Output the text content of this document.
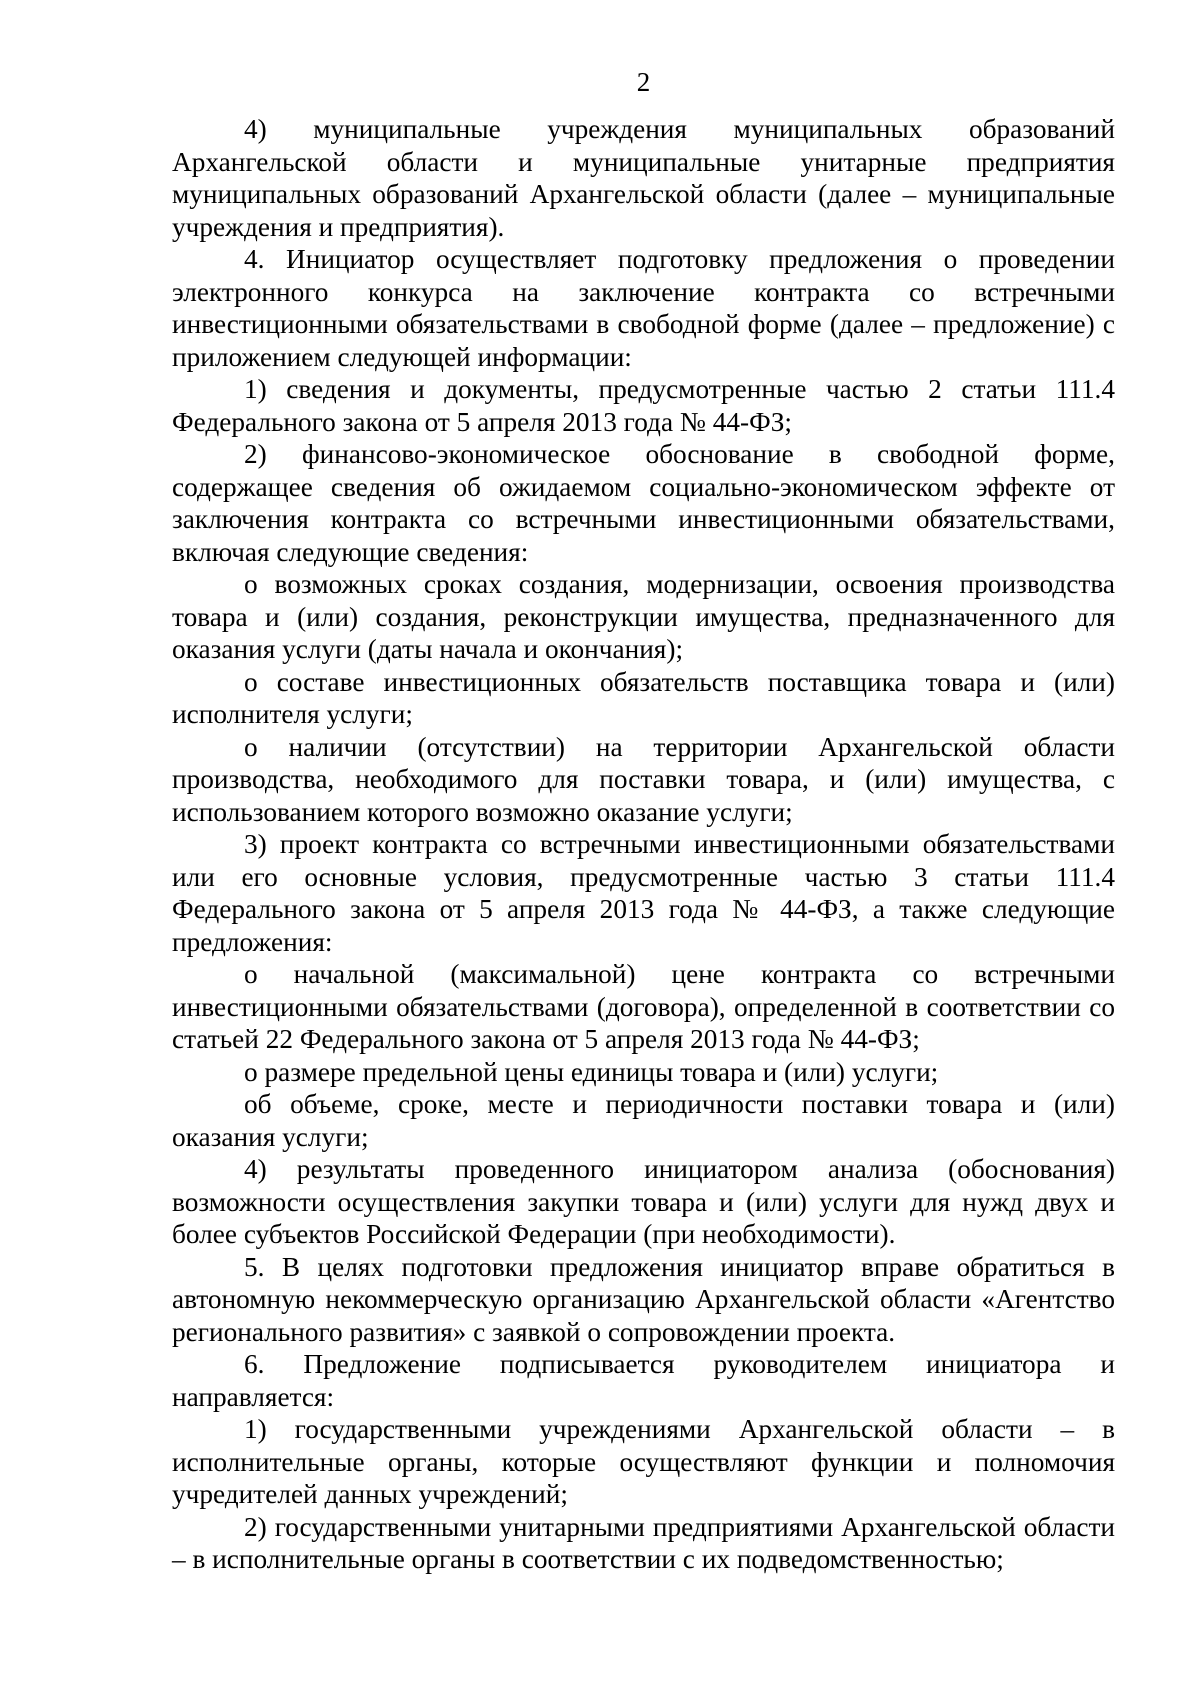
2

4) муниципальные учреждения муниципальных образований Архангельской области и муниципальные унитарные предприятия муниципальных образований Архангельской области (далее – муниципальные учреждения и предприятия).

4. Инициатор осуществляет подготовку предложения о проведении электронного конкурса на заключение контракта со встречными инвестиционными обязательствами в свободной форме (далее – предложение) с приложением следующей информации:

1) сведения и документы, предусмотренные частью 2 статьи 111.4 Федерального закона от 5 апреля 2013 года № 44-ФЗ;

2) финансово-экономическое обоснование в свободной форме, содержащее сведения об ожидаемом социально-экономическом эффекте от заключения контракта со встречными инвестиционными обязательствами, включая следующие сведения:

о возможных сроках создания, модернизации, освоения производства товара и (или) создания, реконструкции имущества, предназначенного для оказания услуги (даты начала и окончания);

о составе инвестиционных обязательств поставщика товара и (или) исполнителя услуги;

о наличии (отсутствии) на территории Архангельской области производства, необходимого для поставки товара, и (или) имущества, с использованием которого возможно оказание услуги;

3) проект контракта со встречными инвестиционными обязательствами или его основные условия, предусмотренные частью 3 статьи 111.4 Федерального закона от 5 апреля 2013 года № 44-ФЗ, а также следующие предложения:

о начальной (максимальной) цене контракта со встречными инвестиционными обязательствами (договора), определенной в соответствии со статьей 22 Федерального закона от 5 апреля 2013 года № 44-ФЗ;

о размере предельной цены единицы товара и (или) услуги;

об объеме, сроке, месте и периодичности поставки товара и (или) оказания услуги;

4) результаты проведенного инициатором анализа (обоснования) возможности осуществления закупки товара и (или) услуги для нужд двух и более субъектов Российской Федерации (при необходимости).

5. В целях подготовки предложения инициатор вправе обратиться в автономную некоммерческую организацию Архангельской области «Агентство регионального развития» с заявкой о сопровождении проекта.

6. Предложение подписывается руководителем инициатора и направляется:

1) государственными учреждениями Архангельской области – в исполнительные органы, которые осуществляют функции и полномочия учредителей данных учреждений;

2) государственными унитарными предприятиями Архангельской области – в исполнительные органы в соответствии с их подведомственностью;
